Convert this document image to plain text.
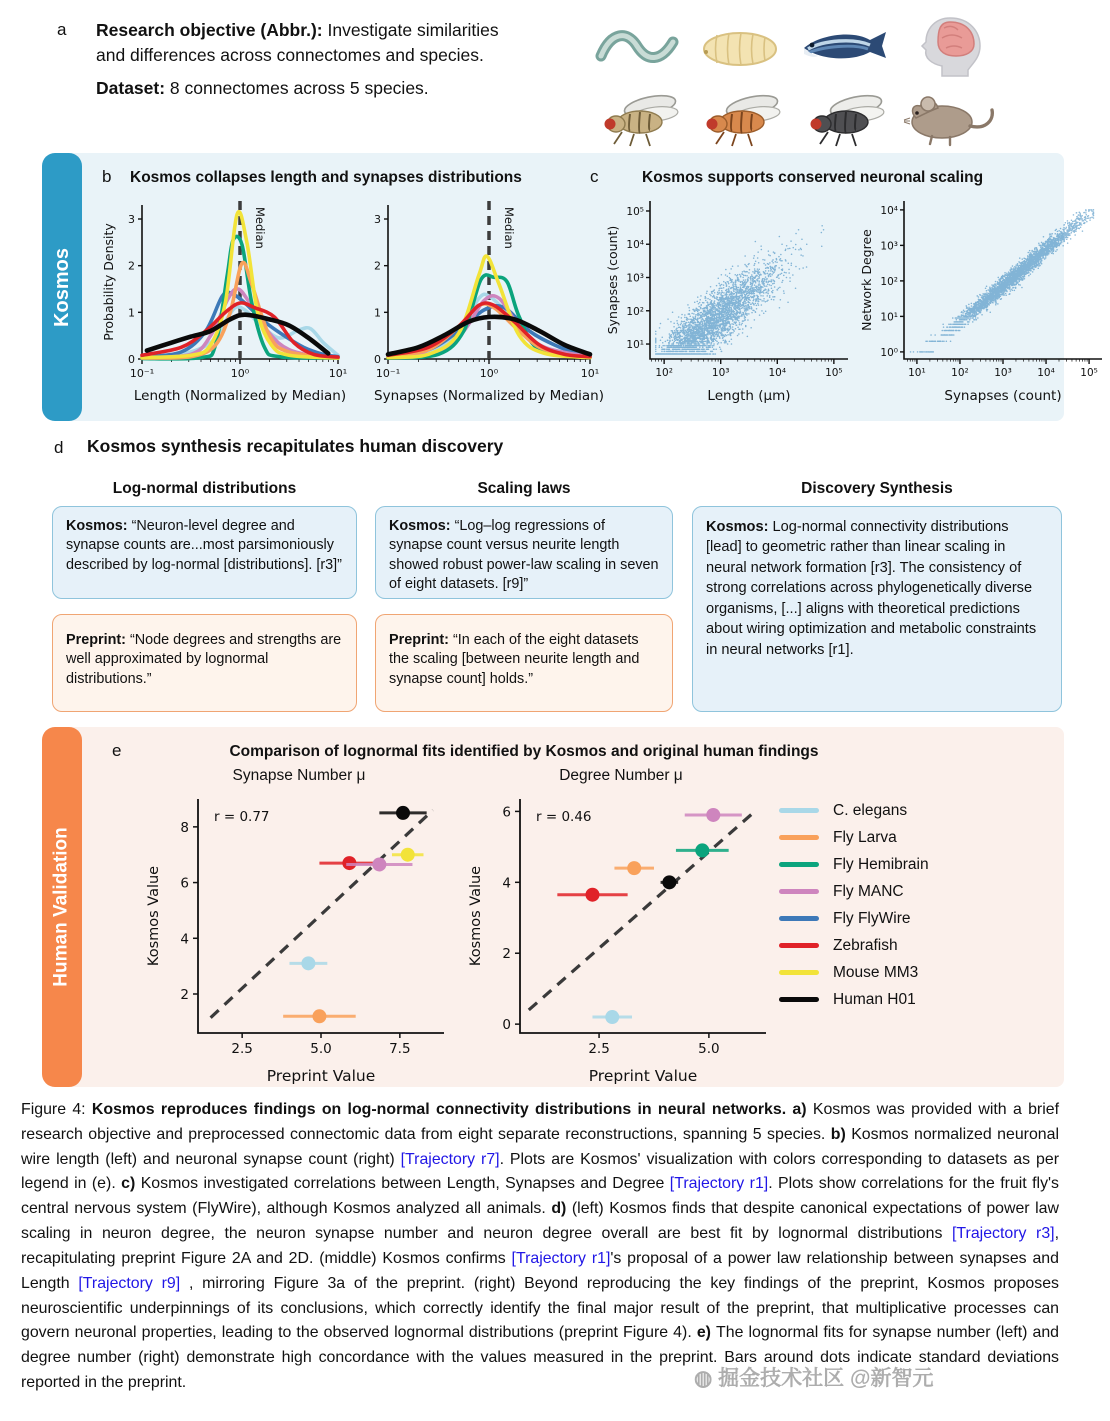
a Research objective (Abbr.): Investigate similarities and differences across connectomes and species.
Dataset: 8 connectomes across 5 species.
Kosmos
b Kosmos collapses length and synapses distributions	c	Kosmos supports conserved neuronal scaling
0
1
2
3
10⁻¹	10⁰	10¹
Median
Length (Normalized by Median)
Probability Density
0
1
2
3
10⁻¹	10⁰	10¹
Median
Synapses (Normalized by Median)
10¹
10²
10³
10⁴
10⁵
10²	10³	10⁴	10⁵
Length (μm)
Synapses (count)
10⁰
10¹
10²
10³
10⁴
10¹ 10² 10³ 10⁴ 10⁵
Synapses (count)
Network Degree
d Kosmos synthesis recapitulates human discovery
Log-normal distributions
Kosmos: “Neuron-level degree and synapse counts are...most parsimoniously described by log-normal [distributions]. [r3]”
Preprint: “Node degrees and strengths are well approximated by lognormal distributions.”
Scaling laws
Kosmos: “Log–log regressions of synapse count versus neurite length showed robust power-law scaling in seven of eight datasets. [r9]”
Preprint: “In each of the eight datasets the scaling [between neurite length and synapse count] holds.”
Discovery Synthesis
Kosmos: Log-normal connectivity distributions [lead] to geometric rather than linear scaling in neural network formation [r3]. The consistency of strong correlations across phylogenetically diverse organisms, [...] aligns with theoretical predictions about wiring optimization and metabolic constraints in neural networks [r1].
Human Validation
e	Comparison of lognormal fits identified by Kosmos and original human findings
Synapse Number μ	Degree Number μ
2
4
6
8
2.5	5.0	7.5
r = 0.77
Preprint Value
Kosmos Value
0
2
4
6
2.5	5.0
r = 0.46
Preprint Value
Kosmos Value
C. elegans
Fly Larva
Fly Hemibrain
Fly MANC
Fly FlyWire
Zebrafish
Mouse MM3
Human H01
Figure 4: Kosmos reproduces findings on log-normal connectivity distributions in neural networks. a) Kosmos was provided with a brief research objective and preprocessed connectomic data from eight separate reconstructions, spanning 5 species. b) Kosmos normalized neuronal wire length (left) and neuronal synapse count (right) [Trajectory r7]. Plots are Kosmos' visualization with colors corresponding to datasets as per legend in (e). c) Kosmos investigated correlations between Length, Synapses and Degree [Trajectory r1]. Plots show correlations for the fruit fly's central nervous system (FlyWire), although Kosmos analyzed all animals. d) (left) Kosmos finds that despite canonical expectations of power law scaling in neuron degree, the neuron synapse number and neuron degree overall are best fit by lognormal distributions [Trajectory r3], recapitulating preprint Figure 2A and 2D. (middle) Kosmos confirms [Trajectory r1]'s proposal of a power law relationship between synapses and Length [Trajectory r9] , mirroring Figure 3a of the preprint. (right) Beyond reproducing the key findings of the preprint, Kosmos proposes neuroscientific underpinnings of its conclusions, which correctly identify the final major result of the preprint, that multiplicative processes can govern neuronal properties, leading to the observed lognormal distributions (preprint Figure 4). e) The lognormal fits for synapse number (left) and degree number (right) demonstrate high concordance with the values measured in the preprint. Bars around dots indicate standard deviations reported in the preprint.	◍ 掘金技术社区 @新智元
